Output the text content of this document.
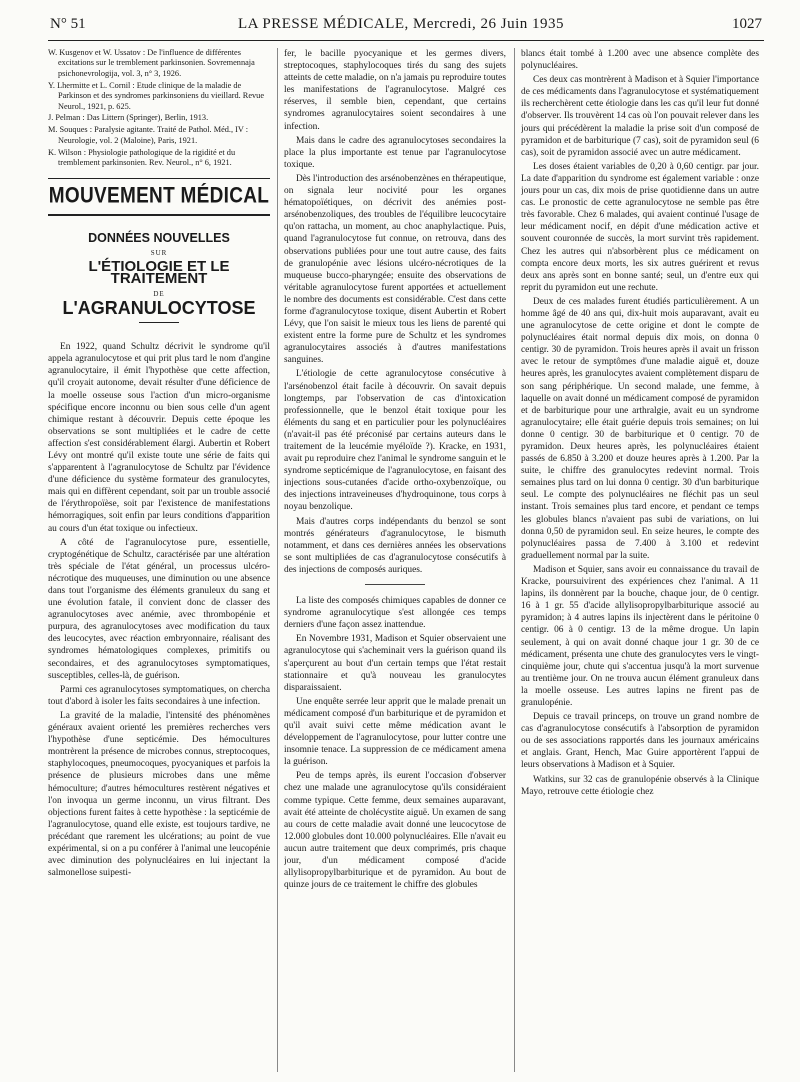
N° 51	LA PRESSE MÉDICALE, Mercredi, 26 Juin 1935	1027
W. Kusgenov et W. Ussatov : De l'influence de différentes excitations sur le tremblement parkinsonien. Sovremennaja psichonevrologija, vol. 3, n° 3, 1926.
Y. Lhermitte et L. Cornil : Etude clinique de la maladie de Parkinson et des syndromes parkinsoniens du vieillard. Revue Neurol., 1921, p. 625.
J. Pelman : Das Littern (Springer), Berlin, 1913.
M. Souques : Paralysie agitante. Traité de Pathol. Méd., IV : Neurologie, vol. 2 (Maloine), Paris, 1921.
K. Wilson : Physiologie pathologique de la rigidité et du tremblement parkinsonien. Rev. Neurol., n° 6, 1921.
MOUVEMENT MÉDICAL
DONNÉES NOUVELLES
SUR
L'ÉTIOLOGIE ET LE TRAITEMENT
DE
L'AGRANULOCYTOSE

En 1922, quand Schultz décrivit le syndrome qu'il appela agranulocytose et qui prit plus tard le nom d'angine agranulocytaire, il émit l'hypothèse que cette affection, qu'il croyait autonome, devait résulter d'une déficience de la moelle osseuse sous l'action d'un micro-organisme spécifique encore inconnu ou bien sous celle d'un agent chimique restant à découvrir. Depuis cette époque les observations se sont multipliées et le cadre de cette affection s'est considérablement élargi. Aubertin et Robert Lévy ont montré qu'il existe toute une série de faits qui s'apparentent à l'agranulocytose de Schultz par l'évidence d'une déficience du système formateur des granulocytes, mais qui en diffèrent cependant, soit par un trouble associé de l'érythropoïèse, soit par l'existence de manifestations hémorragiques, soit enfin par leurs conditions d'apparition au cours d'un état toxique ou infectieux.

A côté de l'agranulocytose pure, essentielle, cryptogénétique de Schultz, caractérisée par une altération très spéciale de l'état général, un processus ulcéro-nécrotique des muqueuses, une diminution ou une absence dans tout l'organisme des éléments granuleux du sang et une évolution fatale, il convient donc de classer des agranulocytoses avec anémie, avec thrombopénie et purpura, des agranulocytoses avec modification du taux des leucocytes, avec réaction embryonnaire, réalisant des syndromes hématologiques complexes, primitifs ou secondaires, et des agranulocytoses symptomatiques, susceptibles, celles-là, de guérison.

Parmi ces agranulocytoses symptomatiques, on chercha tout d'abord à isoler les faits secondaires à une infection.

La gravité de la maladie, l'intensité des phénomènes généraux avaient orienté les premières recherches vers l'hypothèse d'une septicémie. Des hémocultures montrèrent la présence de microbes connus, streptocoques, staphylocoques, pneumocoques, pyocyaniques et parfois la présence de plusieurs microbes dans une même hémoculture; d'autres hémocultures restèrent négatives et l'on invoqua un germe inconnu, un virus filtrant. Des objections furent faites à cette hypothèse : la septicémie de l'agranulocytose, quand elle existe, est toujours tardive, ne précédant que rarement les ulcérations; au point de vue expérimental, si on a pu conférer à l'animal une leucopénie avec diminution des polynucléaires en lui injectant la salmonellose suipesti-

fer, le bacille pyocyanique et les germes divers, streptocoques, staphylocoques tirés du sang des sujets atteints de cette maladie, on n'a jamais pu reproduire toutes les manifestations de l'agranulocytose. Malgré ces réserves, il semble bien, cependant, que certains syndromes agranulocytaires soient secondaires à une infection.

Mais dans le cadre des agranulocytoses secondaires la place la plus importante est tenue par l'agranulocytose toxique.

Dès l'introduction des arsénobenzènes en thérapeutique, on signala leur nocivité pour les organes hématopoïétiques, on décrivit des anémies post-arsénobenzoliques, des troubles de l'équilibre leucocytaire qu'on rattacha, un moment, au choc anaphylactique. Puis, quand l'agranulocytose fut connue, on retrouva, dans des observations publiées pour une tout autre cause, des faits de granulopénie avec lésions ulcéro-nécrotiques de la muqueuse bucco-pharyngée; ensuite des observations de véritable agranulocytose furent apportées et actuellement le nombre des documents est considérable. C'est dans cette forme d'agranulocytose toxique, disent Aubertin et Robert Lévy, que l'on saisit le mieux tous les liens de parenté qui existent entre la forme pure de Schultz et les syndromes agranulocytaires associés à d'autres manifestations sanguines.

L'étiologie de cette agranulocytose consécutive à l'arsénobenzol était facile à découvrir. On savait depuis longtemps, par l'observation de cas d'intoxication professionnelle, que le benzol était toxique pour les éléments du sang et en particulier pour les polynucléaires (n'avait-il pas été préconisé par certains auteurs dans le traitement de la leucémie myéloïde ?). Kracke, en 1931, avait pu reproduire chez l'animal le syndrome sanguin et le syndrome septicémique de l'agranulocytose, en faisant des injections sous-cutanées d'acide ortho-oxybenzoïque, ou des injections intraveineuses d'hydroquinone, tous corps à noyau benzolique.

Mais d'autres corps indépendants du benzol se sont montrés générateurs d'agranulocytose, le bismuth notamment, et dans ces dernières années les observations se sont multipliées de cas d'agranulocytose consécutifs à des injections de composés auriques.

La liste des composés chimiques capables de donner ce syndrome agranulocytique s'est allongée ces temps derniers d'une façon assez inattendue.

En Novembre 1931, Madison et Squier observaient une agranulocytose qui s'acheminait vers la guérison quand ils s'aperçurent au bout d'un certain temps que l'état restait stationnaire et qu'à nouveau les granulocytes disparaissaient.

Une enquête serrée leur apprit que le malade prenait un médicament composé d'un barbiturique et de pyramidon et qu'il avait suivi cette même médication avant le développement de l'agranulocytose, pour lutter contre une insomnie tenace. La suppression de ce médicament amena la guérison.

Peu de temps après, ils eurent l'occasion d'observer chez une malade une agranulocytose qu'ils considéraient comme typique. Cette femme, deux semaines auparavant, avait été atteinte de cholécystite aiguë. Un examen de sang au cours de cette maladie avait donné une leucocytose de 12.000 globules dont 10.000 polynucléaires. Elle n'avait eu aucun autre traitement que deux comprimés, pris chaque jour, d'un médicament composé d'acide allylisopropylbarbiturique et de pyramidon. Au bout de quinze jours de ce traitement le chiffre des globules

blancs était tombé à 1.200 avec une absence complète des polynucléaires.

Ces deux cas montrèrent à Madison et à Squier l'importance de ces médicaments dans l'agranulocytose et systématiquement ils recherchèrent cette étiologie dans les cas qu'il leur fut donné d'observer. Ils trouvèrent 14 cas où l'on pouvait relever dans les jours qui précédèrent la maladie la prise soit d'un composé de pyramidon et de barbiturique (7 cas), soit de pyramidon seul (6 cas), soit de pyramidon associé avec un autre médicament.

Les doses étaient variables de 0,20 à 0,60 centigr. par jour. La date d'apparition du syndrome est également variable : onze jours pour un cas, dix mois de prise quotidienne dans un autre cas. Le pronostic de cette agranulocytose ne semble pas être très favorable. Chez 6 malades, qui avaient continué l'usage de leur médicament nocif, en dépit d'une médication active et souvent couronnée de succès, la mort survint très rapidement. Chez les autres qui n'absorbèrent plus ce médicament on compta encore deux morts, les six autres guérirent et revus deux ans après sont en bonne santé; seul, un d'entre eux qui reprit du pyramidon eut une rechute.

Deux de ces malades furent étudiés particulièrement. A un homme âgé de 40 ans qui, dix-huit mois auparavant, avait eu une agranulocytose de cette origine et dont le compte de polynucléaires était normal depuis dix mois, on donna 0 centigr. 30 de pyramidon. Trois heures après il avait un frisson avec le retour de symptômes d'une maladie aiguë et, douze heures après, les granulocytes avaient complètement disparu de son sang périphérique. Un second malade, une femme, à laquelle on avait donné un médicament composé de pyramidon et de barbiturique pour une arthralgie, avait eu un syndrome agranulocytaire; elle était guérie depuis trois semaines; on lui donne 0 centigr. 30 de barbiturique et 0 centigr. 70 de pyramidon. Deux heures après, les polynucléaires étaient passés de 6.850 à 3.200 et douze heures après à 1.200. Par la suite, le chiffre des granulocytes redevint normal. Trois semaines plus tard on lui donna 0 centigr. 30 d'un barbiturique seul. Le compte des polynucléaires ne fléchit pas un seul instant. Trois semaines plus tard encore, et pendant ce temps les globules blancs n'avaient pas subi de variations, on lui donna 0,50 de pyramidon seul. En seize heures, le compte des polynucléaires passa de 7.400 à 3.100 et redevint graduellement normal par la suite.

Madison et Squier, sans avoir eu connaissance du travail de Kracke, poursuivirent des expériences chez l'animal. A 11 lapins, ils donnèrent par la bouche, chaque jour, de 0 centigr. 16 à 1 gr. 55 d'acide allylisopropylbarbiturique associé au pyramidon; à 4 autres lapins ils injectèrent dans le péritoine 0 centigr. 06 à 0 centigr. 13 de la même drogue. Un lapin seulement, à qui on avait donné chaque jour 1 gr. 30 de ce médicament, présenta une chute des granulocytes vers le vingt-cinquième jour, chute qui s'accentua jusqu'à la mort survenue au trentième jour. On ne trouva aucun élément granuleux dans la moelle osseuse. Les autres lapins ne firent pas de granulopénie.

Depuis ce travail princeps, on trouve un grand nombre de cas d'agranulocytose consécutifs à l'absorption de pyramidon ou de ses associations rapportés dans les journaux américains et anglais. Grant, Hench, Mac Guire apportèrent l'appui de leurs observations à Madison et à Squier.

Watkins, sur 32 cas de granulopénie observés à la Clinique Mayo, retrouve cette étiologie chez
